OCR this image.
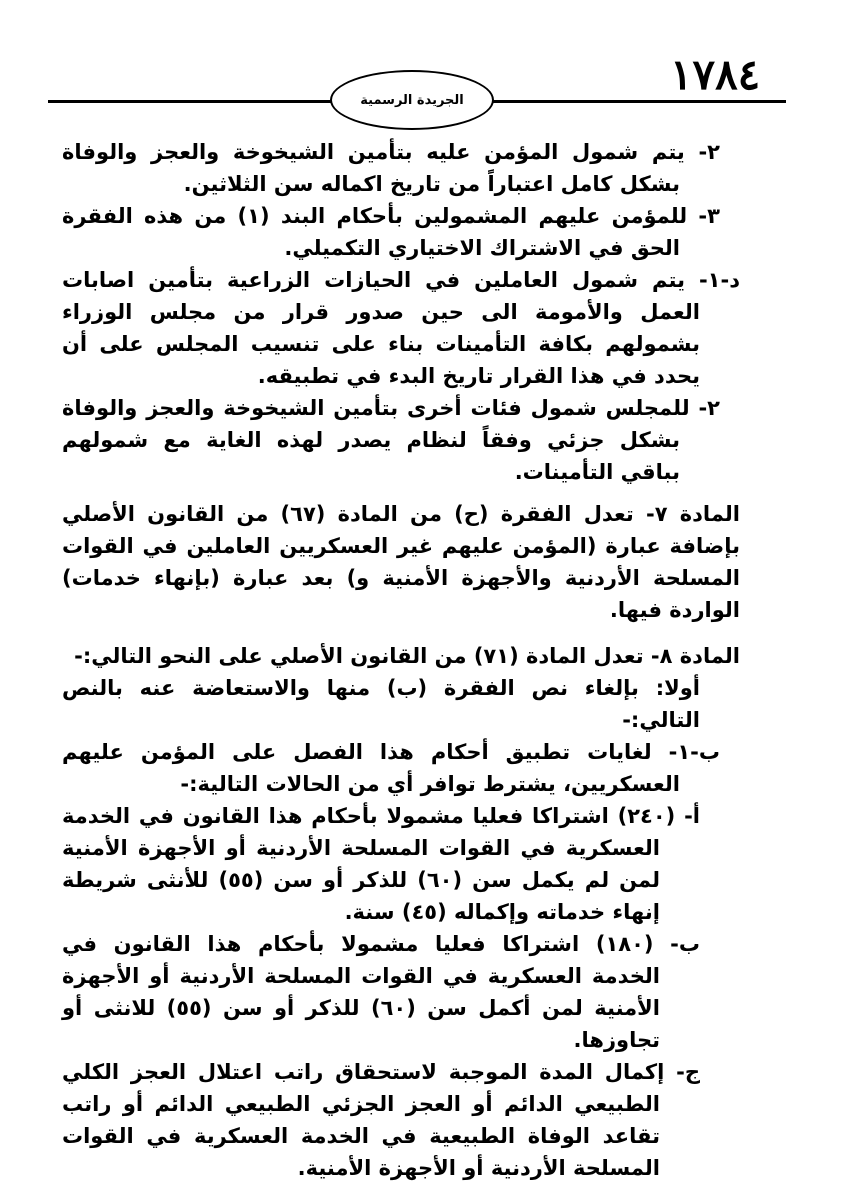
١٧٨٤
الجريدة الرسمية

٢- يتم شمول المؤمن عليه بتأمين الشيخوخة والعجز والوفاة بشكل كامل اعتباراً من تاريخ اكماله سن الثلاثين.

٣- للمؤمن عليهم المشمولين بأحكام البند (١) من هذه الفقرة الحق في الاشتراك الاختياري التكميلي.

د-١- يتم شمول العاملين في الحيازات الزراعية بتأمين اصابات العمل والأمومة الى حين صدور قرار من مجلس الوزراء بشمولهم بكافة التأمينات بناء على تنسيب المجلس على أن يحدد في هذا القرار تاريخ البدء في تطبيقه.

٢- للمجلس شمول فئات أخرى بتأمين الشيخوخة والعجز والوفاة بشكل جزئي وفقاً لنظام يصدر لهذه الغاية مع شمولهم بباقي التأمينات.

المادة ٧- تعدل الفقرة (ح) من المادة (٦٧) من القانون الأصلي بإضافة عبارة (المؤمن عليهم غير العسكريين العاملين في القوات المسلحة الأردنية والأجهزة الأمنية و) بعد عبارة (بإنهاء خدمات) الواردة فيها.

المادة ٨- تعدل المادة (٧١) من القانون الأصلي على النحو التالي:-

أولا: بإلغاء نص الفقرة (ب) منها والاستعاضة عنه بالنص التالي:-

ب-١- لغايات تطبيق أحكام هذا الفصل على المؤمن عليهم العسكريين، يشترط توافر أي من الحالات التالية:-

أ- (٢٤٠) اشتراكا فعليا مشمولا بأحكام هذا القانون في الخدمة العسكرية في القوات المسلحة الأردنية أو الأجهزة الأمنية لمن لم يكمل سن (٦٠) للذكر أو سن (٥٥) للأنثى شريطة إنهاء خدماته وإكماله (٤٥) سنة.

ب- (١٨٠) اشتراكا فعليا مشمولا بأحكام هذا القانون في الخدمة العسكرية في القوات المسلحة الأردنية أو الأجهزة الأمنية لمن أكمل سن (٦٠) للذكر أو سن (٥٥) للانثى أو تجاوزها.

ج- إكمال المدة الموجبة لاستحقاق راتب اعتلال العجز الكلي الطبيعي الدائم أو العجز الجزئي الطبيعي الدائم أو راتب تقاعد الوفاة الطبيعية في الخدمة العسكرية في القوات المسلحة الأردنية أو الأجهزة الأمنية.
